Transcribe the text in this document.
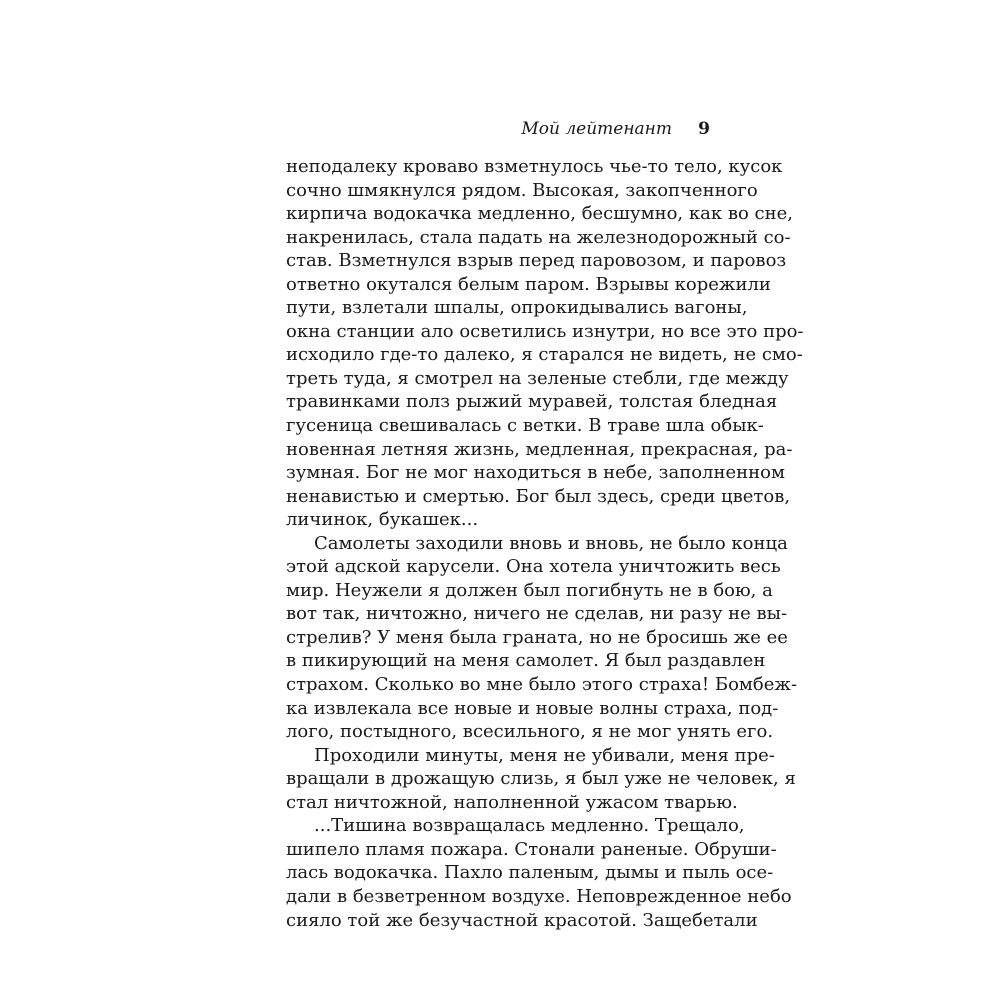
Мой лейтенант 9
неподалеку кроваво взметнулось чье-то тело, кусок
сочно шмякнулся рядом. Высокая, закопченного
кирпича водокачка медленно, бесшумно, как во сне,
накренилась, стала падать на железнодорожный со-
став. Взметнулся взрыв перед паровозом, и паровоз
ответно окутался белым паром. Взрывы корежили
пути, взлетали шпалы, опрокидывались вагоны,
окна станции ало осветились изнутри, но все это про-
исходило где-то далеко, я старался не видеть, не смо-
треть туда, я смотрел на зеленые стебли, где между
травинками полз рыжий муравей, толстая бледная
гусеница свешивалась с ветки. В траве шла обык-
новенная летняя жизнь, медленная, прекрасная, ра-
зумная. Бог не мог находиться в небе, заполненном
ненавистью и смертью. Бог был здесь, среди цветов,
личинок, букашек...
Самолеты заходили вновь и вновь, не было конца
этой адской карусели. Она хотела уничтожить весь
мир. Неужели я должен был погибнуть не в бою, а
вот так, ничтожно, ничего не сделав, ни разу не вы-
стрелив? У меня была граната, но не бросишь же ее
в пикирующий на меня самолет. Я был раздавлен
страхом. Сколько во мне было этого страха! Бомбеж-
ка извлекала все новые и новые волны страха, под-
лого, постыдного, всесильного, я не мог унять его.
Проходили минуты, меня не убивали, меня пре-
вращали в дрожащую слизь, я был уже не человек, я
стал ничтожной, наполненной ужасом тварью.
...Тишина возвращалась медленно. Трещало,
шипело пламя пожара. Стонали раненые. Обруши-
лась водокачка. Пахло паленым, дымы и пыль осе-
дали в безветренном воздухе. Неповрежденное небо
сияло той же безучастной красотой. Защебетали
